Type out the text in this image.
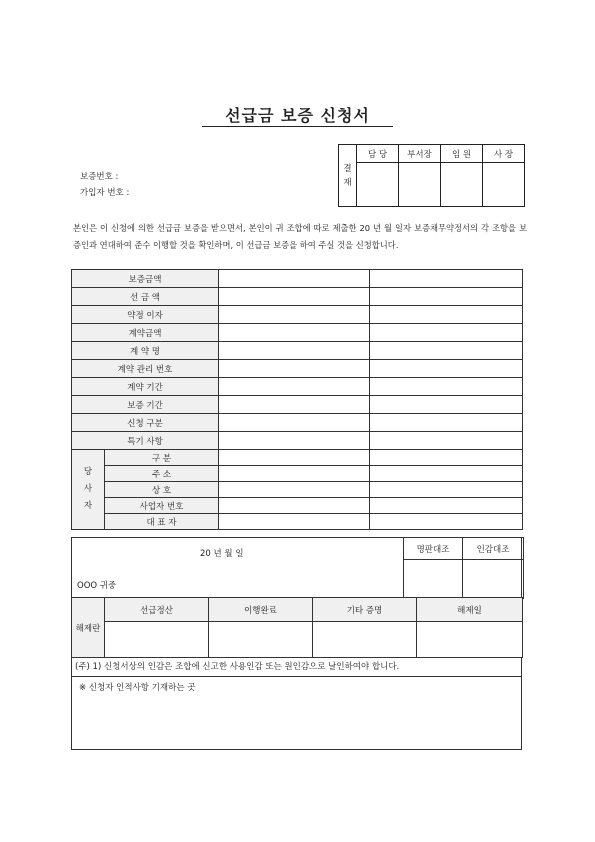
선급금 보증 신청서
보증번호 :
가입자 번호 :
결 재	담 당	부서장	임 원	사 장

본인은 이 신청에 의한 선급금 보증을 받으면서, 본인이 귀 조합에 따로 제출한 20 년 월 일자 보증채무약정서의 각 조항을 보증인과 연대하여 준수 이행할 것을 확인하며, 이 선급금 보증을 하여 주실 것을 신청합니다.
보증금액			
선 금 액			
약정 이자			
계약금액			
계 약 명			
계약 관리 번호			
계약 기간			
보증 기간			
신청 구분			
특기 사항			
당 사 자	구 분		
	주 소		
	상 호		
	사업자 번호		
	대 표 자		
20 년 월 일
OOO 귀중
명판대조	인감대조

해제란	선급정산	이행완료	기타 증명	해제일

(주) 1) 신청서상의 인감은 조합에 신고한 사용인감 또는 원인감으로 날인하여야 합니다.
※ 신청자 인적사항 기재하는 곳
